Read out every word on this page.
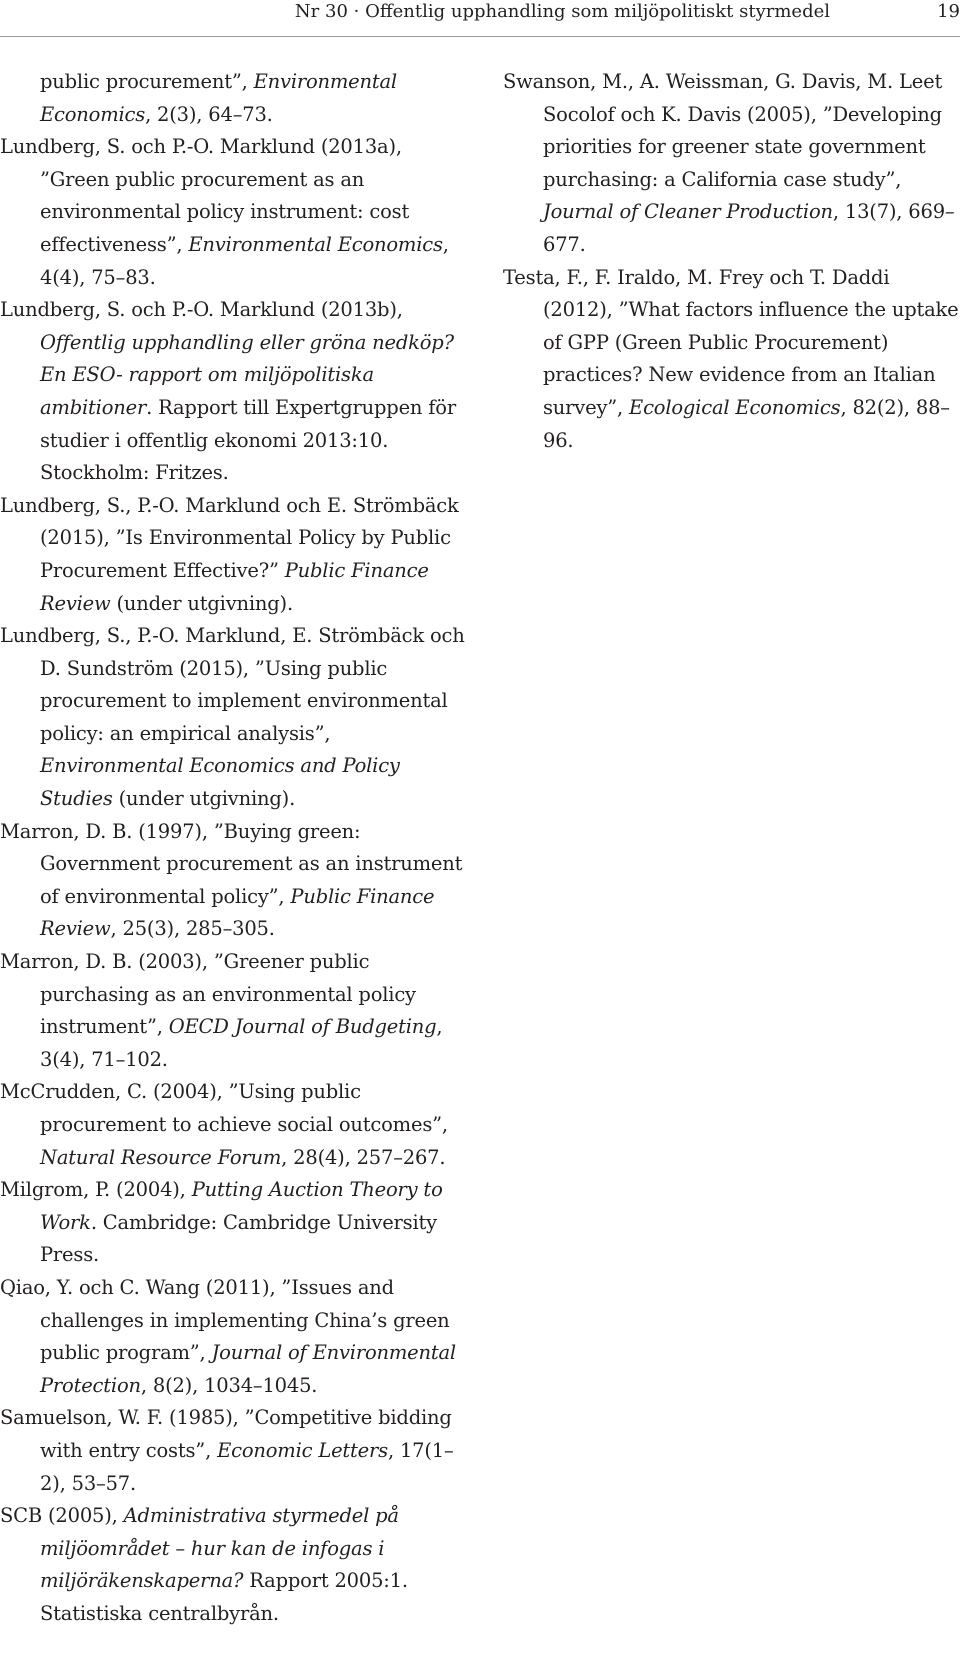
Nr 30 · Offentlig upphandling som miljöpolitiskt styrmedel	19
public procurement”, Environmental Economics, 2(3), 64–73.
Lundberg, S. och P.-O. Marklund (2013a), ”Green public procurement as an environmental policy instrument: cost effectiveness”, Environmental Economics, 4(4), 75–83.
Lundberg, S. och P.-O. Marklund (2013b), Offentlig upphandling eller gröna nedköp? En ESO- rapport om miljöpolitiska ambitioner. Rapport till Expertgruppen för studier i offentlig ekonomi 2013:10. Stockholm: Fritzes.
Lundberg, S., P.-O. Marklund och E. Strömbäck (2015), ”Is Environmental Policy by Public Procurement Effective?” Public Finance Review (under utgivning).
Lundberg, S., P.-O. Marklund, E. Strömbäck och D. Sundström (2015), ”Using public procurement to implement environmental policy: an empirical analysis”, Environmental Economics and Policy Studies (under utgivning).
Marron, D. B. (1997), ”Buying green: Government procurement as an instrument of environmental policy”, Public Finance Review, 25(3), 285–305.
Marron, D. B. (2003), ”Greener public purchasing as an environmental policy instrument”, OECD Journal of Budgeting, 3(4), 71–102.
McCrudden, C. (2004), ”Using public procurement to achieve social outcomes”, Natural Resource Forum, 28(4), 257–267.
Milgrom, P. (2004), Putting Auction Theory to Work. Cambridge: Cambridge University Press.
Qiao, Y. och C. Wang (2011), ”Issues and challenges in implementing China’s green public program”, Journal of Environmental Protection, 8(2), 1034–1045.
Samuelson, W. F. (1985), ”Competitive bidding with entry costs”, Economic Letters, 17(1–2), 53–57.
SCB (2005), Administrativa styrmedel på miljöområdet – hur kan de infogas i miljöräkenskaperna? Rapport 2005:1. Statistiska centralbyrån.
Swanson, M., A. Weissman, G. Davis, M. Leet Socolof och K. Davis (2005), ”Developing priorities for greener state government purchasing: a California case study”, Journal of Cleaner Production, 13(7), 669–677.
Testa, F., F. Iraldo, M. Frey och T. Daddi (2012), ”What factors influence the uptake of GPP (Green Public Procurement) practices? New evidence from an Italian survey”, Ecological Economics, 82(2), 88–96.
